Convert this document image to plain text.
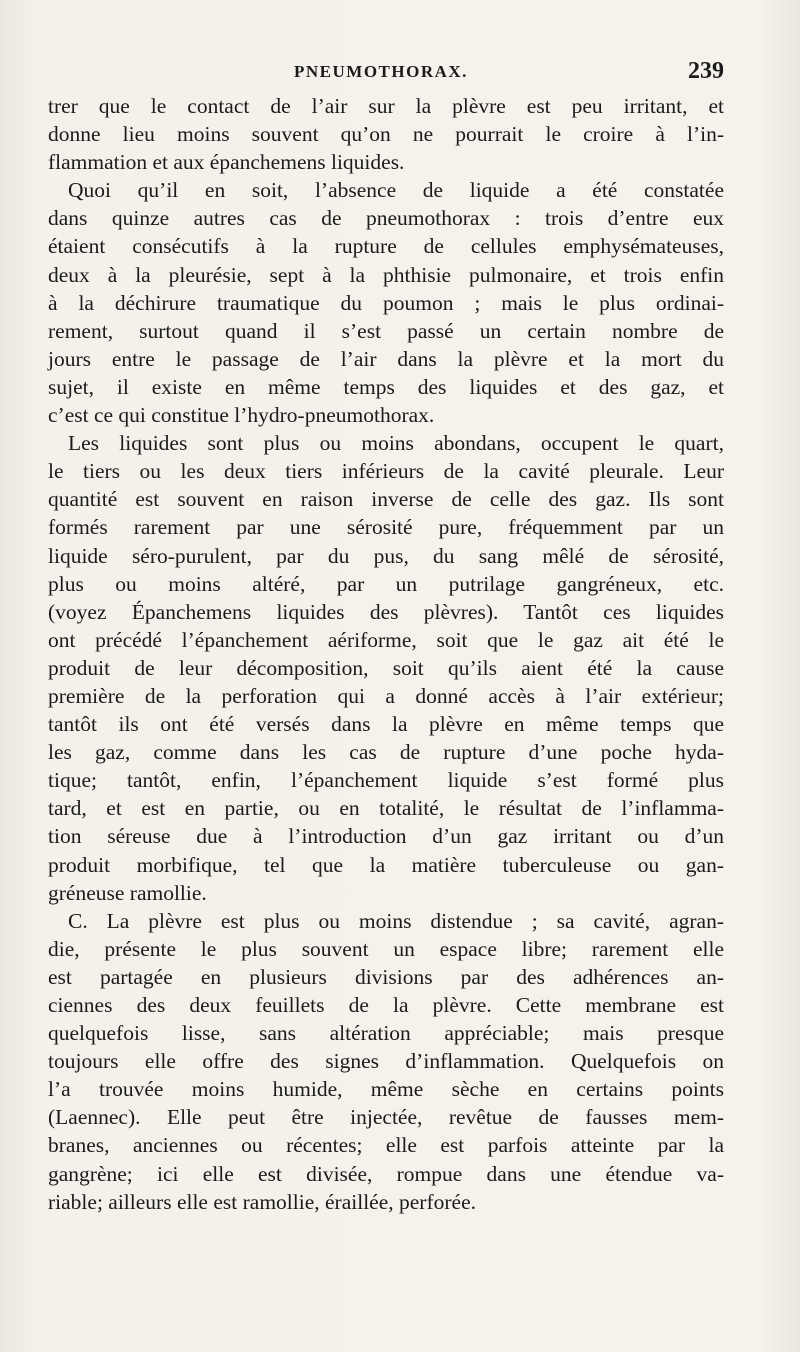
PNEUMOTHORAX.	239
trer que le contact de l’air sur la plèvre est peu irritant, et
donne lieu moins souvent qu’on ne pourrait le croire à l’in-
flammation et aux épanchemens liquides.
Quoi qu’il en soit, l’absence de liquide a été constatée
dans quinze autres cas de pneumothorax : trois d’entre eux
étaient consécutifs à la rupture de cellules emphysémateuses,
deux à la pleurésie, sept à la phthisie pulmonaire, et trois enfin
à la déchirure traumatique du poumon ; mais le plus ordinai-
rement, surtout quand il s’est passé un certain nombre de
jours entre le passage de l’air dans la plèvre et la mort du
sujet, il existe en même temps des liquides et des gaz, et
c’est ce qui constitue l’hydro-pneumothorax.
Les liquides sont plus ou moins abondans, occupent le quart,
le tiers ou les deux tiers inférieurs de la cavité pleurale. Leur
quantité est souvent en raison inverse de celle des gaz. Ils sont
formés rarement par une sérosité pure, fréquemment par un
liquide séro-purulent, par du pus, du sang mêlé de sérosité,
plus ou moins altéré, par un putrilage gangréneux, etc.
(voyez Épanchemens liquides des plèvres). Tantôt ces liquides
ont précédé l’épanchement aériforme, soit que le gaz ait été le
produit de leur décomposition, soit qu’ils aient été la cause
première de la perforation qui a donné accès à l’air extérieur;
tantôt ils ont été versés dans la plèvre en même temps que
les gaz, comme dans les cas de rupture d’une poche hyda-
tique; tantôt, enfin, l’épanchement liquide s’est formé plus
tard, et est en partie, ou en totalité, le résultat de l’inflamma-
tion séreuse due à l’introduction d’un gaz irritant ou d’un
produit morbifique, tel que la matière tuberculeuse ou gan-
gréneuse ramollie.
C. La plèvre est plus ou moins distendue ; sa cavité, agran-
die, présente le plus souvent un espace libre; rarement elle
est partagée en plusieurs divisions par des adhérences an-
ciennes des deux feuillets de la plèvre. Cette membrane est
quelquefois lisse, sans altération appréciable; mais presque
toujours elle offre des signes d’inflammation. Quelquefois on
l’a trouvée moins humide, même sèche en certains points
(Laennec). Elle peut être injectée, revêtue de fausses mem-
branes, anciennes ou récentes; elle est parfois atteinte par la
gangrène; ici elle est divisée, rompue dans une étendue va-
riable; ailleurs elle est ramollie, éraillée, perforée.
